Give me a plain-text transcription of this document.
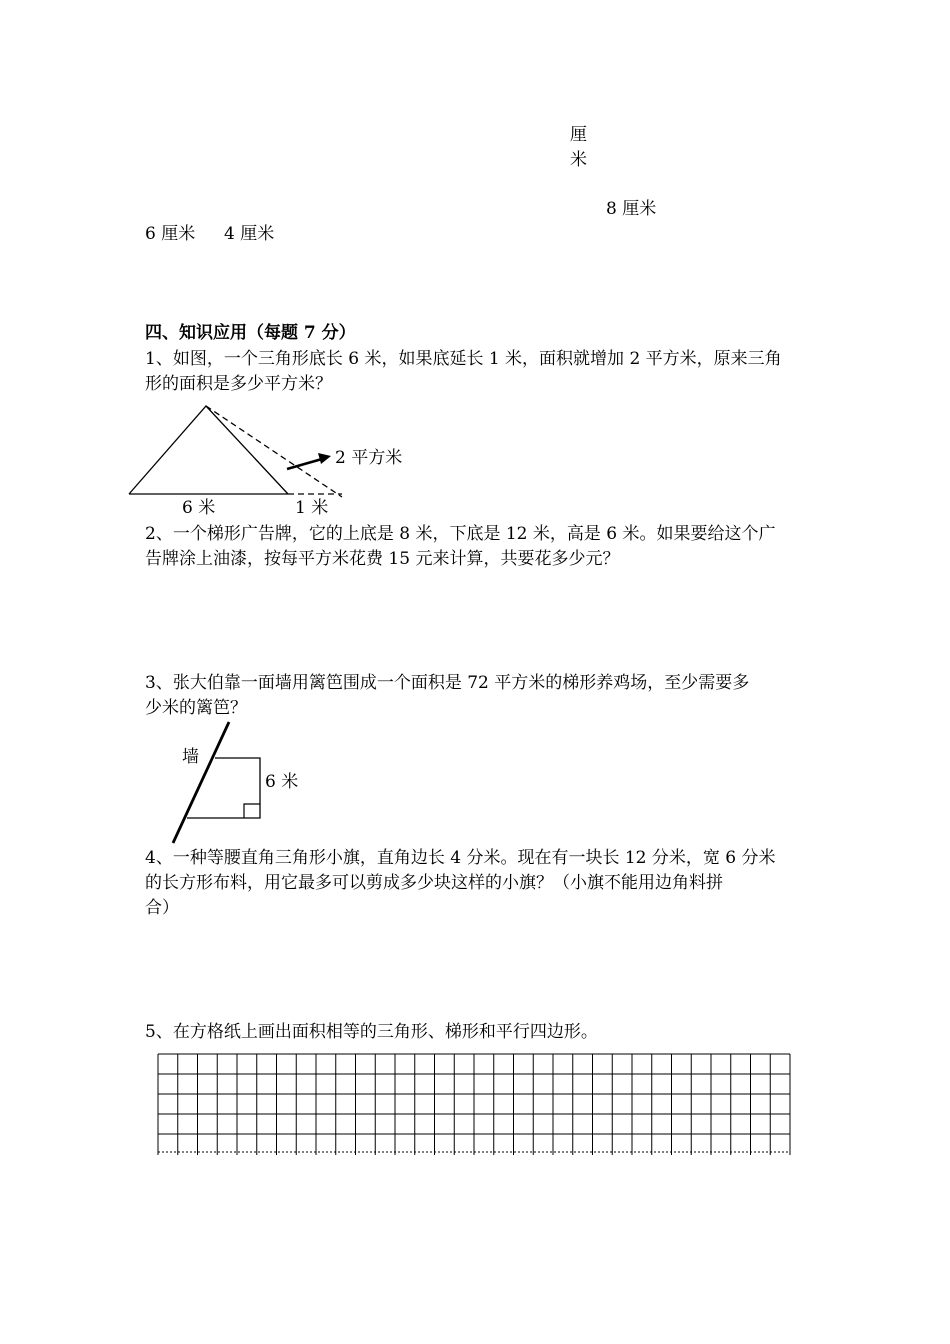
厘
米
8 厘米
6 厘米 4 厘米
四、知识应用（每题 7 分）
1、如图，一个三角形底长 6 米，如果底延长 1 米，面积就增加 2 平方米，原来三角
形的面积是多少平方米？
2 平方米
6 米	1 米
2、一个梯形广告牌，它的上底是 8 米，下底是 12 米，高是 6 米。如果要给这个广
告牌涂上油漆，按每平方米花费 15 元来计算，共要花多少元？
3、张大伯靠一面墙用篱笆围成一个面积是 72 平方米的梯形养鸡场，至少需要多
少米的篱笆？
墙
6 米
4、一种等腰直角三角形小旗，直角边长 4 分米。现在有一块长 12 分米，宽 6 分米
的长方形布料，用它最多可以剪成多少块这样的小旗？（小旗不能用边角料拼
合）
5、在方格纸上画出面积相等的三角形、梯形和平行四边形。
